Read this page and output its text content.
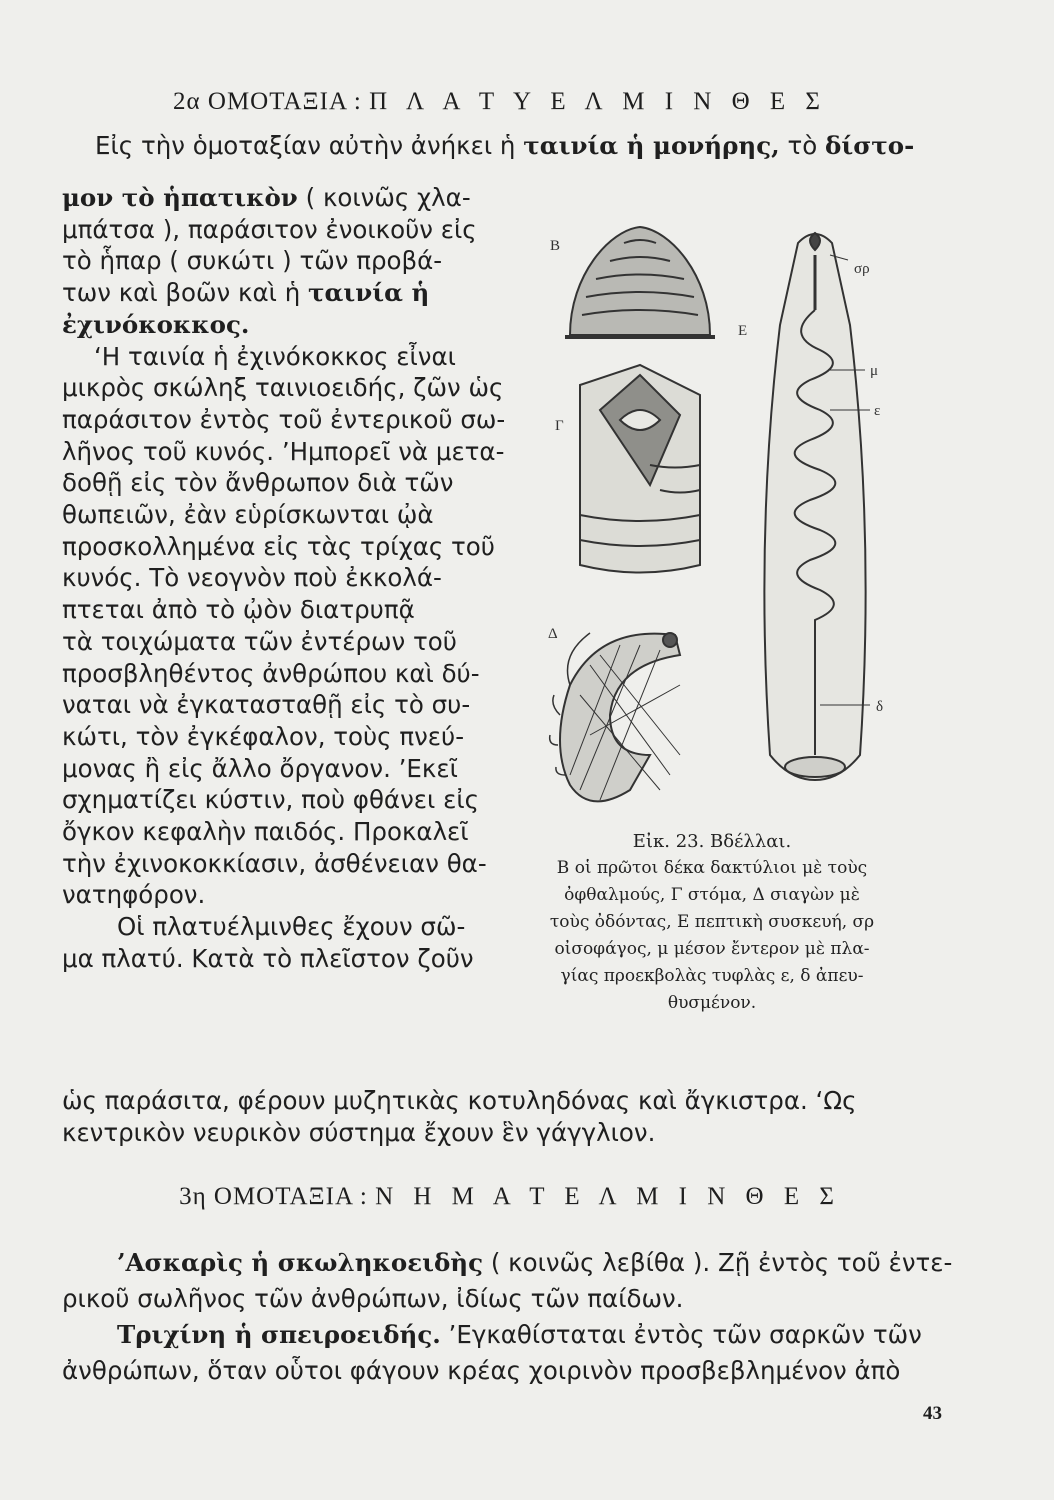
2α ΟΜΟΤΑΞΙΑ : Π Λ Α Τ Υ Ε Λ Μ Ι Ν Θ Ε Σ
Εἰς τὴν ὁμοταξίαν αὐτὴν ἀνήκει ἡ ταινία ἡ μονήρης, τὸ δίστο-
μον τὸ ἡπατικὸν ( κοινῶς χλα-
μπάτσα ), παράσιτον ἐνοικοῦν εἰς
τὸ ἧπαρ ( συκώτι ) τῶν προβά-
των καὶ βοῶν καὶ ἡ ταινία ἡ
ἐχινόκοκκος.
‘Η ταινία ἡ ἐχινόκοκκος εἶναι
μικρὸς σκώληξ ταινιοειδής, ζῶν ὡς
παράσιτον ἐντὸς τοῦ ἐντερικοῦ σω-
λῆνος τοῦ κυνός. ’Ημπορεῖ νὰ μετα-
δοθῇ εἰς τὸν ἄνθρωπον διὰ τῶν
θωπειῶν, ἐὰν εὑρίσκωνται ᾠὰ
προσκολλημένα εἰς τὰς τρίχας τοῦ
κυνός. Τὸ νεογνὸν ποὺ ἐκκολά-
πτεται ἀπὸ τὸ ᾠὸν διατρυπᾷ
τὰ τοιχώματα τῶν ἐντέρων τοῦ
προσβληθέντος ἀνθρώπου καὶ δύ-
ναται νὰ ἐγκατασταθῇ εἰς τὸ συ-
κώτι, τὸν ἐγκέφαλον, τοὺς πνεύ-
μονας ἢ εἰς ἄλλο ὄργανον. ’Εκεῖ
σχηματίζει κύστιν, ποὺ φθάνει εἰς
ὄγκον κεφαλὴν παιδός. Προκαλεῖ
τὴν ἐχινοκοκκίασιν, ἀσθένειαν θα-
νατηφόρον.
Οἱ πλατυέλμινθες ἔχουν σῶ-
μα πλατύ. Κατὰ τὸ πλεῖστον ζοῦν
ὡς παράσιτα, φέρουν μυζητικὰς κοτυληδόνας καὶ ἄγκιστρα. ‘Ως
κεντρικὸν νευρικὸν σύστημα ἔχουν ἓν γάγγλιον.
Β
Γ
Δ
Ε
σρ
μ
ε
δ
Εἰκ. 23. Βδέλλαι.
Β οἱ πρῶτοι δέκα δακτύλιοι μὲ τοὺς
ὀφθαλμούς, Γ στόμα, Δ σιαγὼν μὲ
τοὺς ὀδόντας, Ε πεπτικὴ συσκευή, σρ
οἰσοφάγος, μ μέσον ἔντερον μὲ πλα-
γίας προεκβολὰς τυφλὰς ε, δ ἀπευ-
θυσμένον.
3η ΟΜΟΤΑΞΙΑ : Ν Η Μ Α Τ Ε Λ Μ Ι Ν Θ Ε Σ
’Ασκαρὶς ἡ σκωληκοειδὴς ( κοινῶς λεβίθα ). Ζῇ ἐντὸς τοῦ ἐντε-
ρικοῦ σωλῆνος τῶν ἀνθρώπων, ἰδίως τῶν παίδων.
Τριχίνη ἡ σπειροειδής. ’Εγκαθίσταται ἐντὸς τῶν σαρκῶν τῶν
ἀνθρώπων, ὅταν οὗτοι φάγουν κρέας χοιρινὸν προσβεβλημένον ἀπὸ
43
